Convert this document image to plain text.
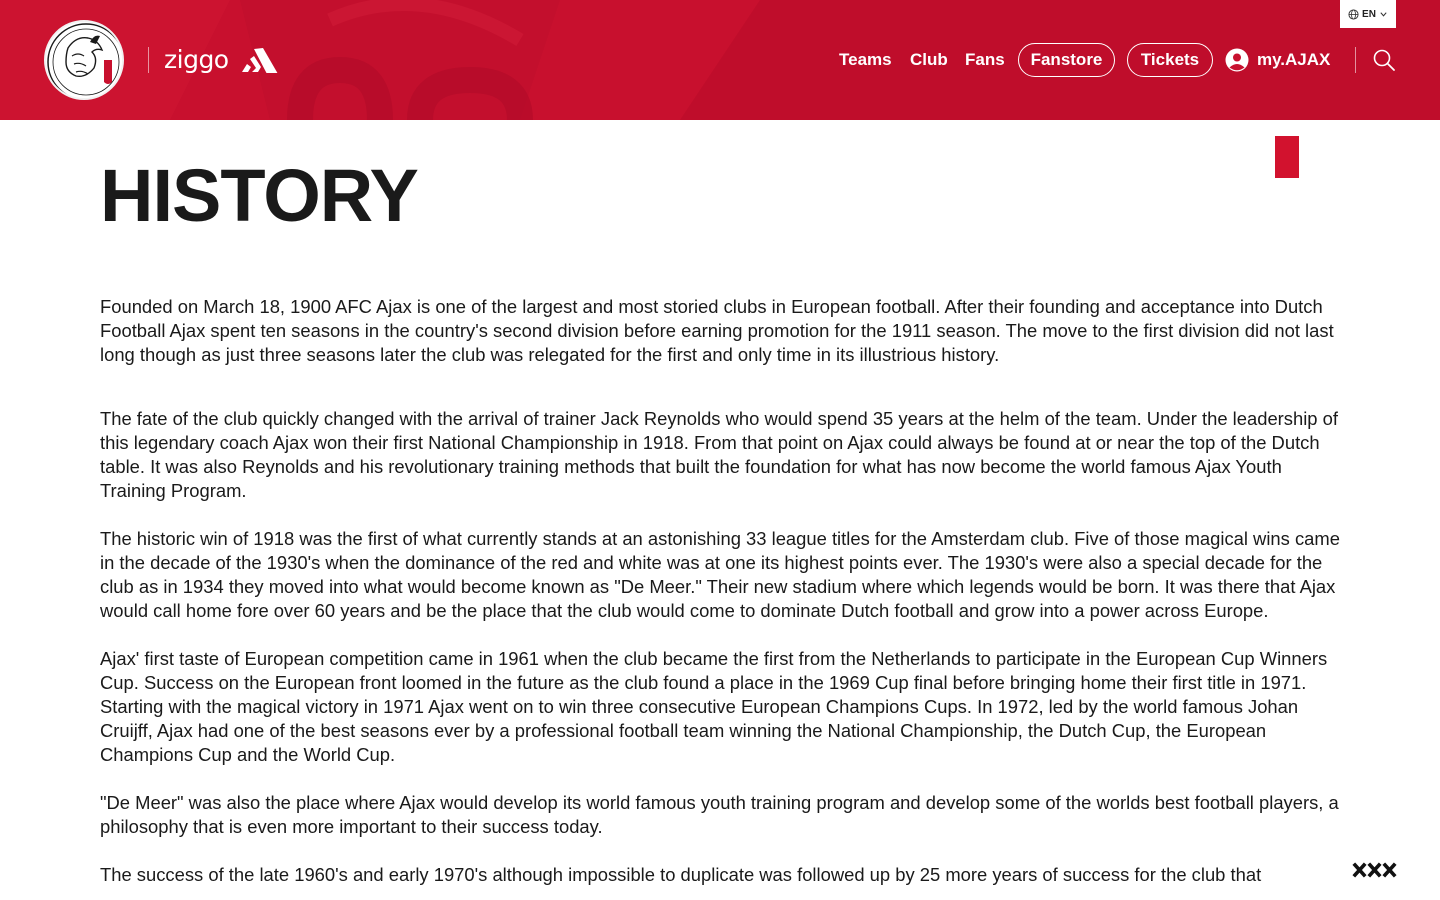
ziggo
EN
Teams Club Fans	Fanstore	Tickets	my.AJAX
HISTORY

Founded on March 18, 1900 AFC Ajax is one of the largest and most storied clubs in European football. After their founding and acceptance into Dutch Football Ajax spent ten seasons in the country's second division before earning promotion for the 1911 season. The move to the first division did not last long though as just three seasons later the club was relegated for the first and only time in its illustrious history.

The fate of the club quickly changed with the arrival of trainer Jack Reynolds who would spend 35 years at the helm of the team. Under the leadership of this legendary coach Ajax won their first National Championship in 1918. From that point on Ajax could always be found at or near the top of the Dutch table. It was also Reynolds and his revolutionary training methods that built the foundation for what has now become the world famous Ajax Youth Training Program.

The historic win of 1918 was the first of what currently stands at an astonishing 33 league titles for the Amsterdam club. Five of those magical wins came in the decade of the 1930's when the dominance of the red and white was at one its highest points ever. The 1930's were also a special decade for the club as in 1934 they moved into what would become known as "De Meer." Their new stadium where which legends would be born. It was there that Ajax would call home fore over 60 years and be the place that the club would come to dominate Dutch football and grow into a power across Europe.

Ajax' first taste of European competition came in 1961 when the club became the first from the Netherlands to participate in the European Cup Winners Cup. Success on the European front loomed in the future as the club found a place in the 1969 Cup final before bringing home their first title in 1971. Starting with the magical victory in 1971 Ajax went on to win three consecutive European Champions Cups. In 1972, led by the world famous Johan Cruijff, Ajax had one of the best seasons ever by a professional football team winning the National Championship, the Dutch Cup, the European Champions Cup and the World Cup.

"De Meer" was also the place where Ajax would develop its world famous youth training program and develop some of the worlds best football players, a philosophy that is even more important to their success today.

The success of the late 1960's and early 1970's although impossible to duplicate was followed up by 25 more years of success for the club that
